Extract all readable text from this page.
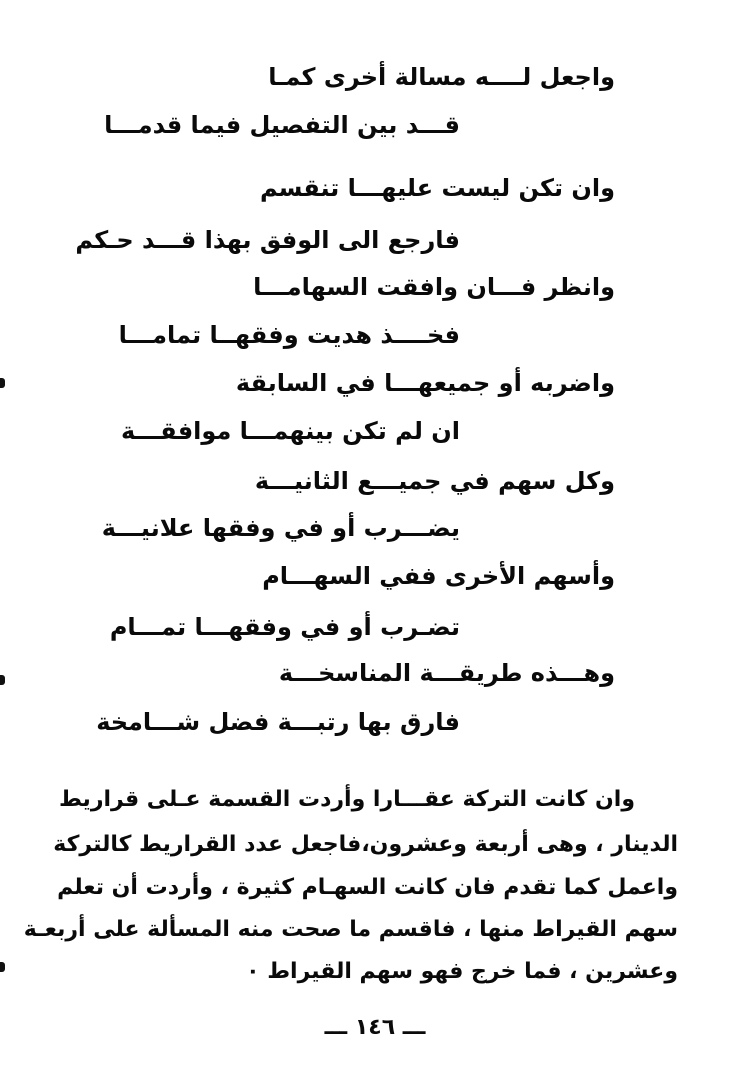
واجعل لــــه مسالة أخرى كمـا
قـــد بين التفصيل فيما قدمـــا
وان تكن ليست عليهـــا تنقسم
فارجع الى الوفق بهذا قـــد حـكم
وانظر فـــان وافقت السهامـــا
فخــــذ هديت وفقهــا تمامـــا
واضربه أو جميعهـــا في السابقة
ان لم تكن بينهمـــا موافقـــة
وكل سهم في جميـــع الثانيـــة
يضـــرب أو في وفقها علانيـــة
وأسهم الأخرى ففي السهـــام
تضـرب أو في وفقهـــا تمـــام
وهـــذه طريقـــة المناسخـــة
فارق بها رتبـــة فضل شـــامخة
وان كانت التركة عقـــارا وأردت القسمة عـلى قراريط
الدينار ، وهى أربعة وعشرون،فاجعل عدد القراريط كالتركة
واعمل كما تقدم فان كانت السهـام كثيرة ، وأردت أن تعلم
سهم القيراط منها ، فاقسم ما صحت منه المسألة على أربعـة
وعشرين ، فما خرج فهو سهم القيراط ٠
ـــ ١٤٦ ـــ
